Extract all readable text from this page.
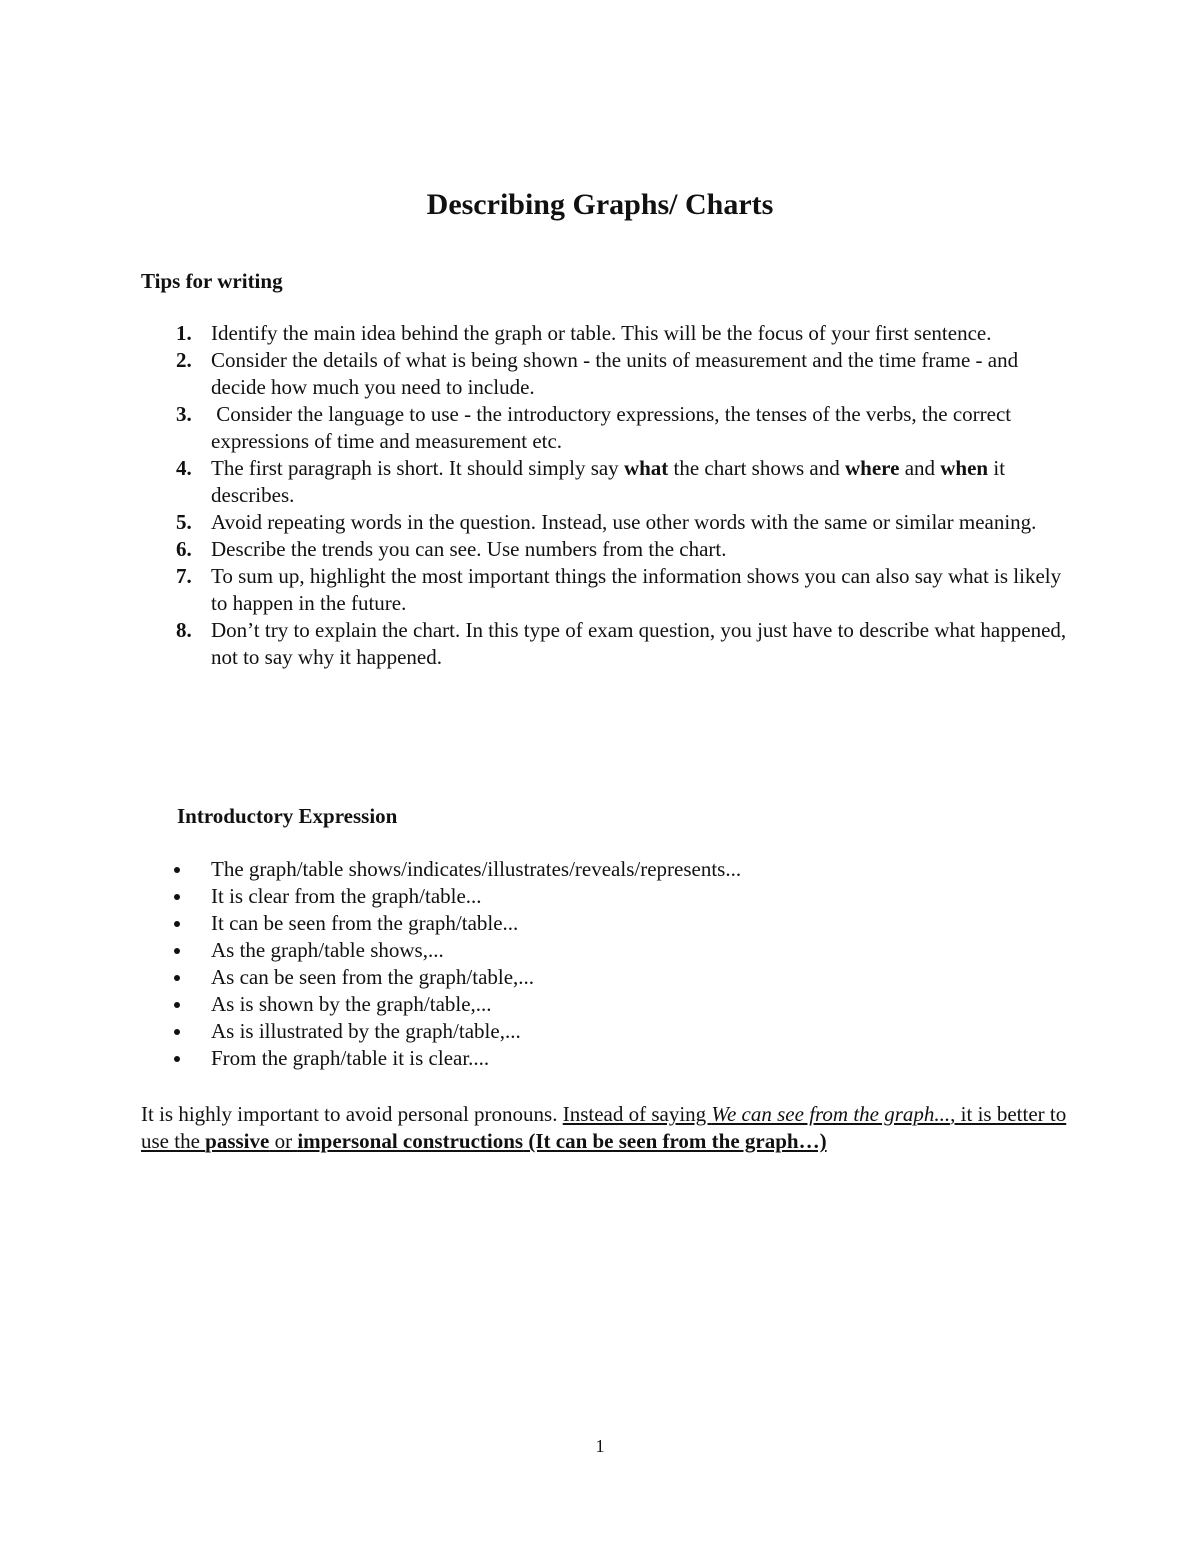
Describing Graphs/ Charts
Tips for writing
1. Identify the main idea behind the graph or table. This will be the focus of your first sentence.
2. Consider the details of what is being shown - the units of measurement and the time frame - and decide how much you need to include.
3. Consider the language to use - the introductory expressions, the tenses of the verbs, the correct expressions of time and measurement etc.
4. The first paragraph is short. It should simply say what the chart shows and where and when it describes.
5. Avoid repeating words in the question. Instead, use other words with the same or similar meaning.
6. Describe the trends you can see. Use numbers from the chart.
7. To sum up, highlight the most important things the information shows you can also say what is likely to happen in the future.
8. Don’t try to explain the chart. In this type of exam question, you just have to describe what happened, not to say why it happened.
Introductory Expression
The graph/table shows/indicates/illustrates/reveals/represents...
It is clear from the graph/table...
It can be seen from the graph/table...
As the graph/table shows,...
As can be seen from the graph/table,...
As is shown by the graph/table,...
As is illustrated by the graph/table,...
From the graph/table it is clear....

It is highly important to avoid personal pronouns. Instead of saying We can see from the graph..., it is better to use the passive or impersonal constructions (It can be seen from the graph…)

1
